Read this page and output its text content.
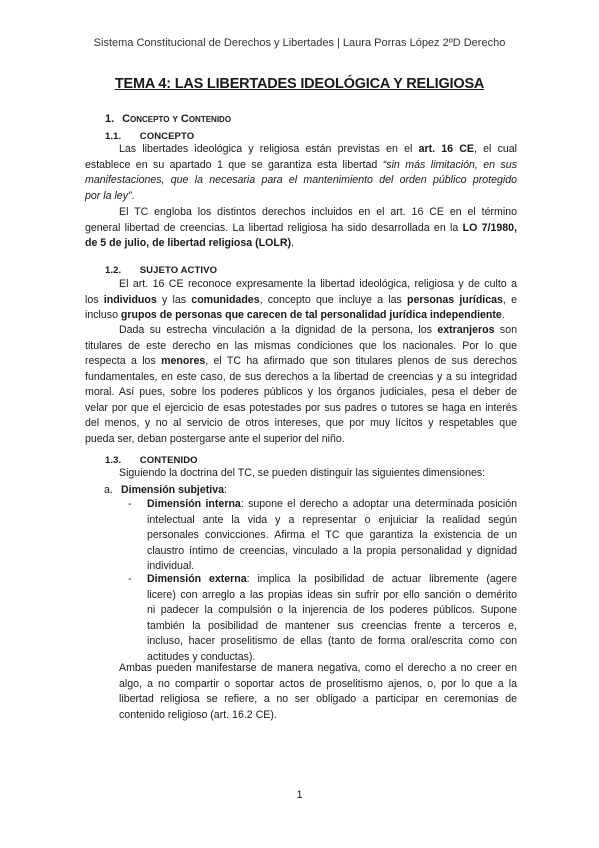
Sistema Constitucional de Derechos y Libertades | Laura Porras López 2ºD Derecho
TEMA 4: LAS LIBERTADES IDEOLÓGICA Y RELIGIOSA
1. Concepto y Contenido
1.1. CONCEPTO
Las libertades ideológica y religiosa están previstas en el art. 16 CE, el cual
establece en su apartado 1 que se garantiza esta libertad “sin más limitación, en sus
manifestaciones, que la necesaria para el mantenimiento del orden público protegido
por la ley”.
El TC engloba los distintos derechos incluidos en el art. 16 CE en el término
general libertad de creencias. La libertad religiosa ha sido desarrollada en la LO 7/1980,
de 5 de julio, de libertad religiosa (LOLR).
1.2. SUJETO ACTIVO
El art. 16 CE reconoce expresamente la libertad ideológica, religiosa y de culto a
los individuos y las comunidades, concepto que incluye a las personas jurídicas, e
incluso grupos de personas que carecen de tal personalidad jurídica independiente.
Dada su estrecha vinculación a la dignidad de la persona, los extranjeros son
titulares de este derecho en las mismas condiciones que los nacionales. Por lo que
respecta a los menores, el TC ha afirmado que son titulares plenos de sus derechos
fundamentales, en este caso, de sus derechos a la libertad de creencias y a su integridad
moral. Así pues, sobre los poderes públicos y los órganos judiciales, pesa el deber de
velar por que el ejercicio de esas potestades por sus padres o tutores se haga en interés
del menos, y no al servicio de otros intereses, que por muy lícitos y respetables que
pueda ser, deban postergarse ante el superior del niño.
1.3. CONTENIDO
Siguiendo la doctrina del TC, se pueden distinguir las siguientes dimensiones:
a. Dimensión subjetiva:
- Dimensión interna: supone el derecho a adoptar una determinada posición
intelectual ante la vida y a representar o enjuiciar la realidad según
personales convicciones. Afirma el TC que garantiza la existencia de un
claustro íntimo de creencias, vinculado a la propia personalidad y dignidad
individual.
- Dimensión externa: implica la posibilidad de actuar libremente (agere
licere) con arreglo a las propias ideas sin sufrir por ello sanción o demérito
ni padecer la compulsión o la injerencia de los poderes públicos. Supone
también la posibilidad de mantener sus creencias frente a terceros e,
incluso, hacer proselitismo de ellas (tanto de forma oral/escrita como con
actitudes y conductas).
Ambas pueden manifestarse de manera negativa, como el derecho a no creer en
algo, a no compartir o soportar actos de proselitismo ajenos, o, por lo que a la
libertad religiosa se refiere, a no ser obligado a participar en ceremonias de
contenido religioso (art. 16.2 CE).
1
